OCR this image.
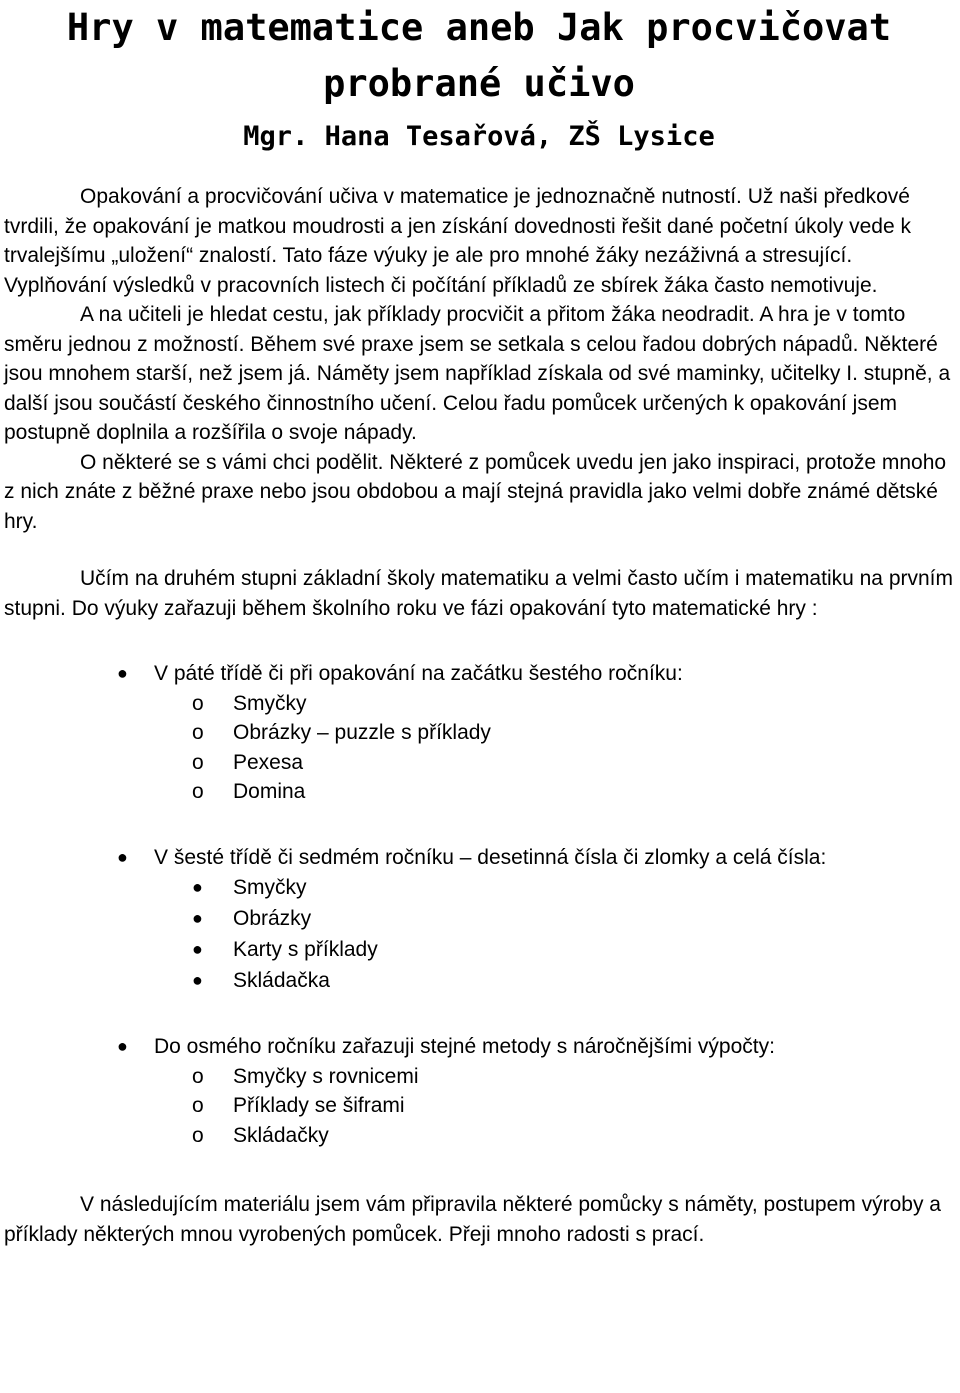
Hry v matematice aneb Jak procvičovat probrané učivo
Mgr. Hana Tesařová, ZŠ Lysice

Opakování a procvičování učiva v matematice je jednoznačně nutností. Už naši předkové tvrdili, že opakování je matkou moudrosti a jen získání dovednosti řešit dané početní úkoly vede k trvalejšímu „uložení“ znalostí. Tato fáze výuky je ale pro mnohé žáky nezáživná a stresující. Vyplňování výsledků v pracovních listech či počítání příkladů ze sbírek žáka často nemotivuje.

A na učiteli je hledat cestu, jak příklady procvičit a přitom žáka neodradit. A hra je v tomto směru jednou z možností. Během své praxe jsem se setkala s celou řadou dobrých nápadů. Některé jsou mnohem starší, než jsem já. Náměty jsem například získala od své maminky, učitelky I. stupně, a další jsou součástí českého činnostního učení. Celou řadu pomůcek určených k opakování jsem postupně doplnila a rozšířila o svoje nápady.

O některé se s vámi chci podělit. Některé z pomůcek uvedu jen jako inspiraci, protože mnoho z nich znáte z běžné praxe nebo jsou obdobou a mají stejná pravidla jako velmi dobře známé dětské hry.

Učím na druhém stupni základní školy matematiku a velmi často učím i matematiku na prvním stupni. Do výuky zařazuji během školního roku ve fázi opakování tyto matematické hry :

● V páté třídě či při opakování na začátku šestého ročníku:
o Smyčky
o Obrázky – puzzle s příklady
o Pexesa
o Domina
● V šesté třídě či sedmém ročníku – desetinná čísla či zlomky a celá čísla:
● Smyčky
● Obrázky
● Karty s příklady
● Skládačka
● Do osmého ročníku zařazuji stejné metody s náročnějšími výpočty:
o Smyčky s rovnicemi
o Příklady se šiframi
o Skládačky

V následujícím materiálu jsem vám připravila některé pomůcky s náměty, postupem výroby a příklady některých mnou vyrobených pomůcek. Přeji mnoho radosti s prací.
